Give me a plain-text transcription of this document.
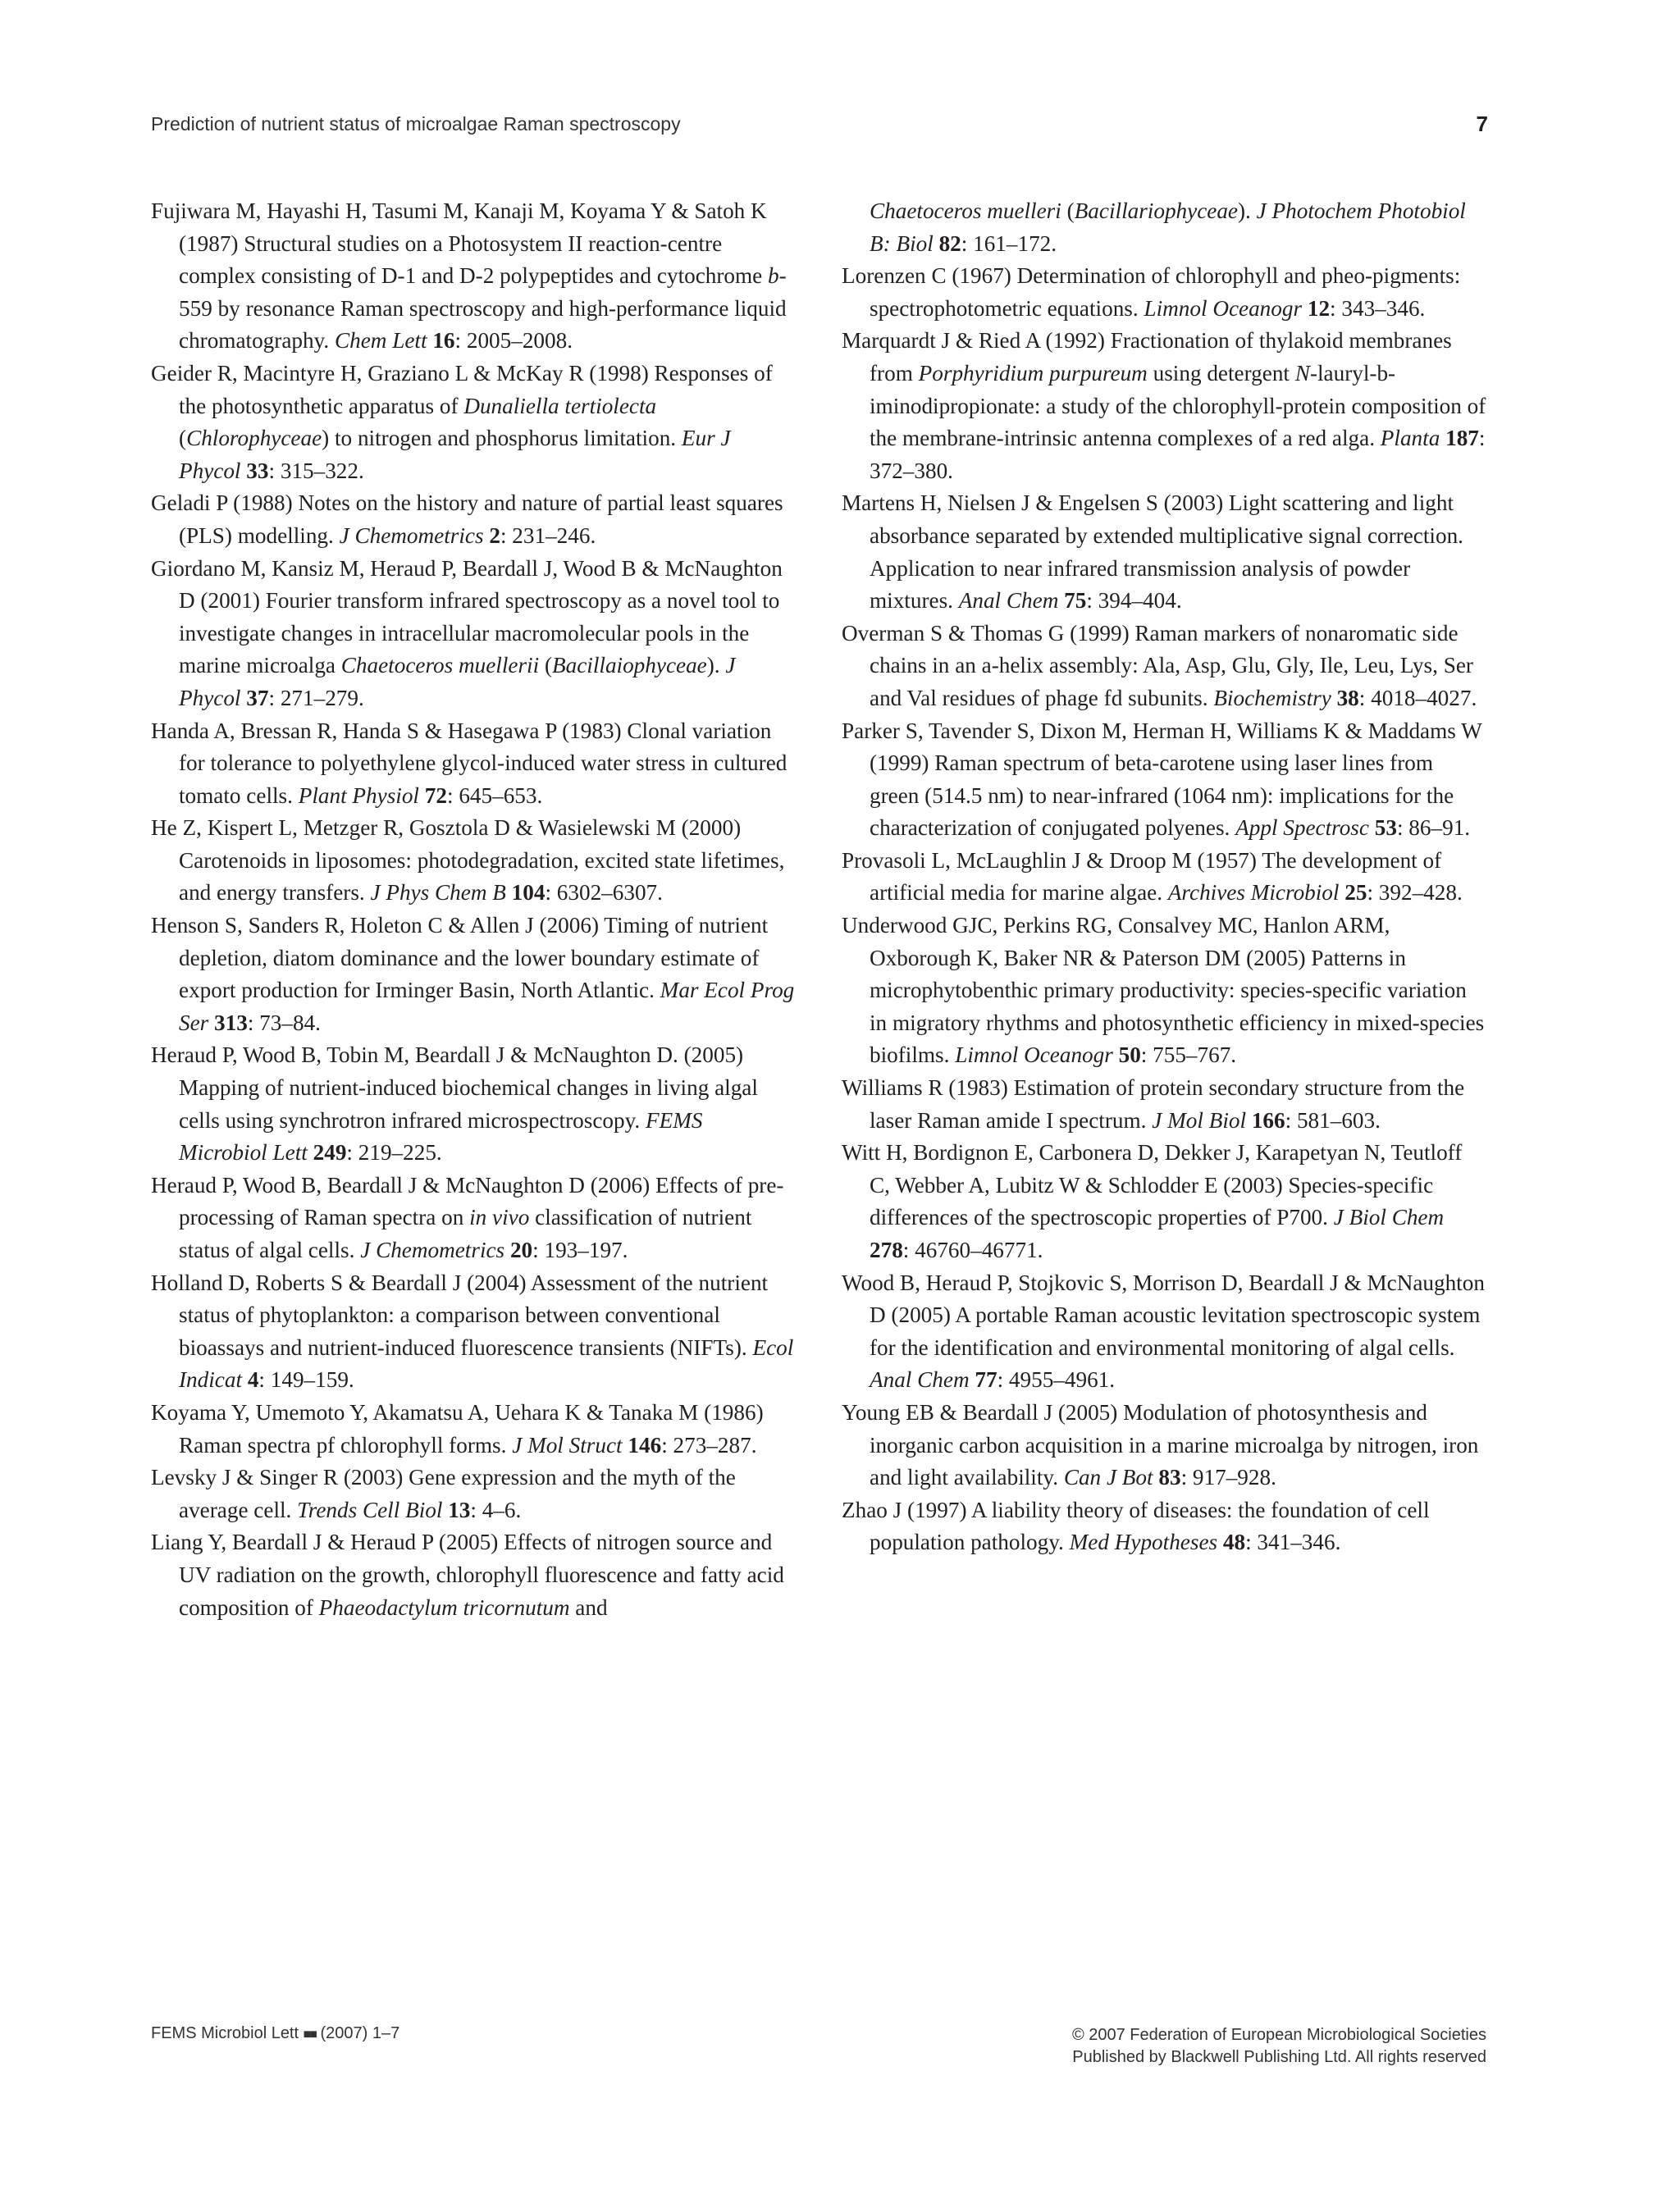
Prediction of nutrient status of microalgae Raman spectroscopy	7

Fujiwara M, Hayashi H, Tasumi M, Kanaji M, Koyama Y & Satoh K (1987) Structural studies on a Photosystem II reaction-centre complex consisting of D-1 and D-2 polypeptides and cytochrome b-559 by resonance Raman spectroscopy and high-performance liquid chromatography. Chem Lett 16: 2005–2008.

Geider R, Macintyre H, Graziano L & McKay R (1998) Responses of the photosynthetic apparatus of Dunaliella tertiolecta (Chlorophyceae) to nitrogen and phosphorus limitation. Eur J Phycol 33: 315–322.

Geladi P (1988) Notes on the history and nature of partial least squares (PLS) modelling. J Chemometrics 2: 231–246.

Giordano M, Kansiz M, Heraud P, Beardall J, Wood B & McNaughton D (2001) Fourier transform infrared spectroscopy as a novel tool to investigate changes in intracellular macromolecular pools in the marine microalga Chaetoceros muellerii (Bacillaiophyceae). J Phycol 37: 271–279.

Handa A, Bressan R, Handa S & Hasegawa P (1983) Clonal variation for tolerance to polyethylene glycol-induced water stress in cultured tomato cells. Plant Physiol 72: 645–653.

He Z, Kispert L, Metzger R, Gosztola D & Wasielewski M (2000) Carotenoids in liposomes: photodegradation, excited state lifetimes, and energy transfers. J Phys Chem B 104: 6302–6307.

Henson S, Sanders R, Holeton C & Allen J (2006) Timing of nutrient depletion, diatom dominance and the lower boundary estimate of export production for Irminger Basin, North Atlantic. Mar Ecol Prog Ser 313: 73–84.

Heraud P, Wood B, Tobin M, Beardall J & McNaughton D. (2005) Mapping of nutrient-induced biochemical changes in living algal cells using synchrotron infrared microspectroscopy. FEMS Microbiol Lett 249: 219–225.

Heraud P, Wood B, Beardall J & McNaughton D (2006) Effects of pre-processing of Raman spectra on in vivo classification of nutrient status of algal cells. J Chemometrics 20: 193–197.

Holland D, Roberts S & Beardall J (2004) Assessment of the nutrient status of phytoplankton: a comparison between conventional bioassays and nutrient-induced fluorescence transients (NIFTs). Ecol Indicat 4: 149–159.

Koyama Y, Umemoto Y, Akamatsu A, Uehara K & Tanaka M (1986) Raman spectra pf chlorophyll forms. J Mol Struct 146: 273–287.

Levsky J & Singer R (2003) Gene expression and the myth of the average cell. Trends Cell Biol 13: 4–6.

Liang Y, Beardall J & Heraud P (2005) Effects of nitrogen source and UV radiation on the growth, chlorophyll fluorescence and fatty acid composition of Phaeodactylum tricornutum and

Chaetoceros muelleri (Bacillariophyceae). J Photochem Photobiol B: Biol 82: 161–172.

Lorenzen C (1967) Determination of chlorophyll and pheo-pigments: spectrophotometric equations. Limnol Oceanogr 12: 343–346.

Marquardt J & Ried A (1992) Fractionation of thylakoid membranes from Porphyridium purpureum using detergent N-lauryl-b-iminodipropionate: a study of the chlorophyll-protein composition of the membrane-intrinsic antenna complexes of a red alga. Planta 187: 372–380.

Martens H, Nielsen J & Engelsen S (2003) Light scattering and light absorbance separated by extended multiplicative signal correction. Application to near infrared transmission analysis of powder mixtures. Anal Chem 75: 394–404.

Overman S & Thomas G (1999) Raman markers of nonaromatic side chains in an a-helix assembly: Ala, Asp, Glu, Gly, Ile, Leu, Lys, Ser and Val residues of phage fd subunits. Biochemistry 38: 4018–4027.

Parker S, Tavender S, Dixon M, Herman H, Williams K & Maddams W (1999) Raman spectrum of beta-carotene using laser lines from green (514.5 nm) to near-infrared (1064 nm): implications for the characterization of conjugated polyenes. Appl Spectrosc 53: 86–91.

Provasoli L, McLaughlin J & Droop M (1957) The development of artificial media for marine algae. Archives Microbiol 25: 392–428.

Underwood GJC, Perkins RG, Consalvey MC, Hanlon ARM, Oxborough K, Baker NR & Paterson DM (2005) Patterns in microphytobenthic primary productivity: species-specific variation in migratory rhythms and photosynthetic efficiency in mixed-species biofilms. Limnol Oceanogr 50: 755–767.

Williams R (1983) Estimation of protein secondary structure from the laser Raman amide I spectrum. J Mol Biol 166: 581–603.

Witt H, Bordignon E, Carbonera D, Dekker J, Karapetyan N, Teutloff C, Webber A, Lubitz W & Schlodder E (2003) Species-specific differences of the spectroscopic properties of P700. J Biol Chem 278: 46760–46771.

Wood B, Heraud P, Stojkovic S, Morrison D, Beardall J & McNaughton D (2005) A portable Raman acoustic levitation spectroscopic system for the identification and environmental monitoring of algal cells. Anal Chem 77: 4955–4961.

Young EB & Beardall J (2005) Modulation of photosynthesis and inorganic carbon acquisition in a marine microalga by nitrogen, iron and light availability. Can J Bot 83: 917–928.

Zhao J (1997) A liability theory of diseases: the foundation of cell population pathology. Med Hypotheses 48: 341–346.

FEMS Microbiol Lett ■■ (2007) 1–7	© 2007 Federation of European Microbiological Societies
Published by Blackwell Publishing Ltd. All rights reserved
